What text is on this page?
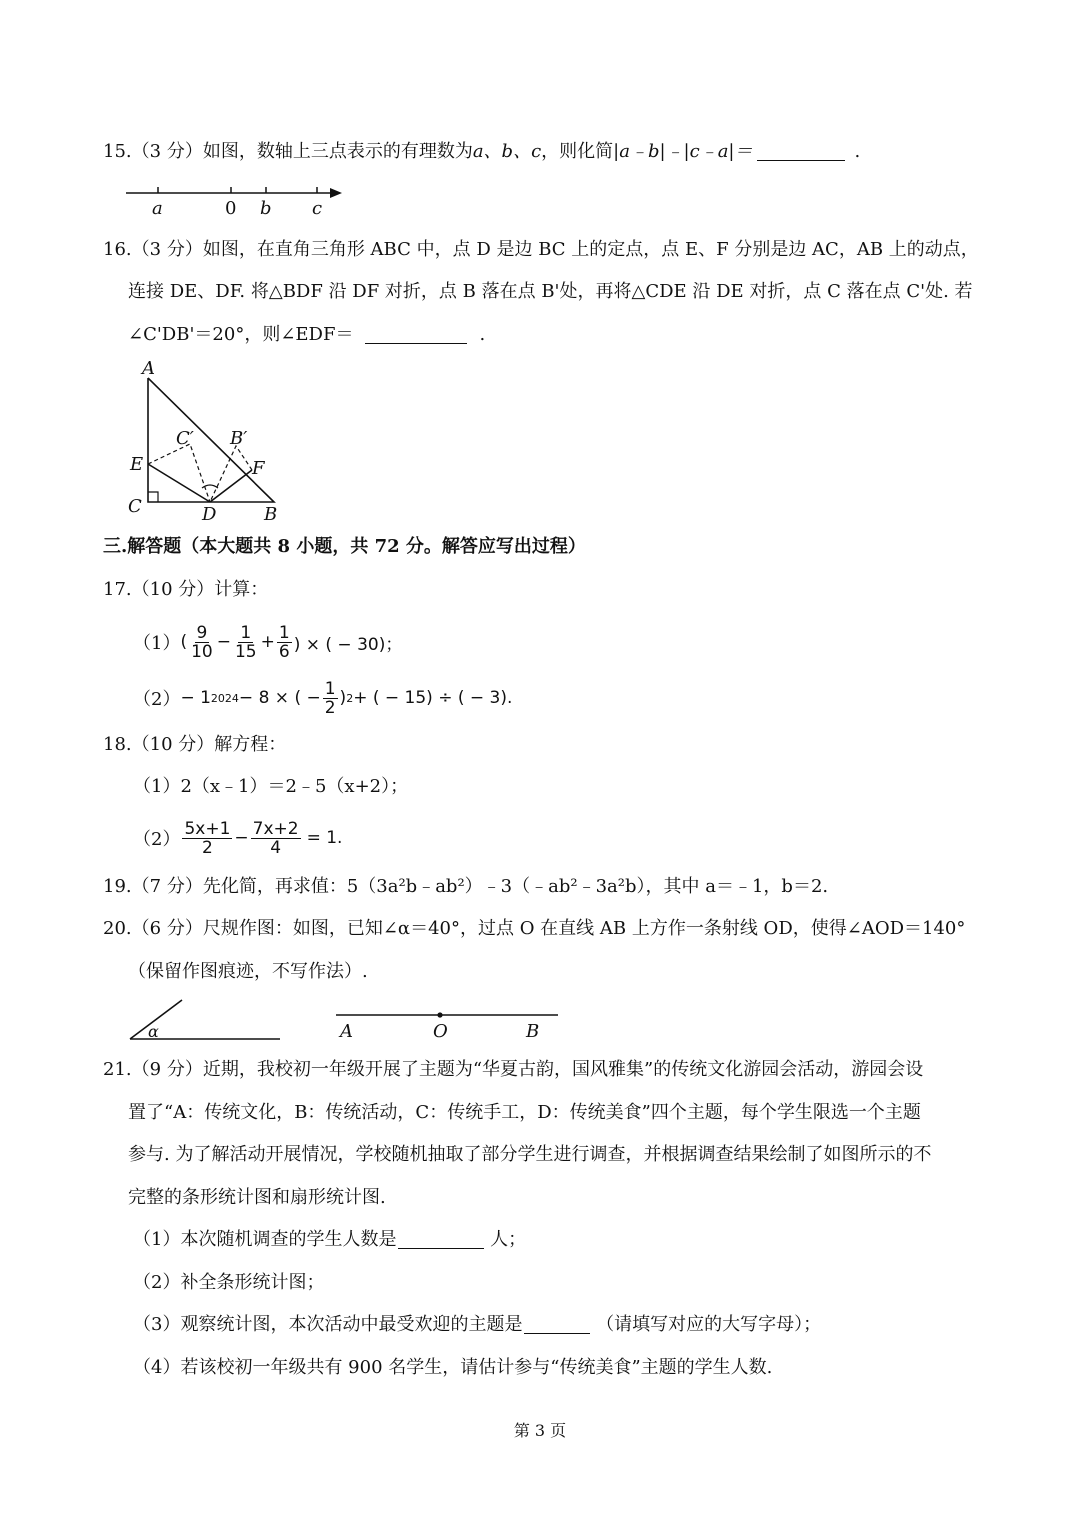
15.（3 分）如图，数轴上三点表示的有理数为a、b、c，则化简|a﹣b|﹣|c﹣a|＝	.
a	0 b c
16.（3 分）如图，在直角三角形 ABC 中，点 D 是边 BC 上的定点，点 E、F 分别是边 AC，AB 上的动点，
连接 DE、DF. 将△BDF 沿 DF 对折，点 B 落在点 B'处，再将△CDE 沿 DE 对折，点 C 落在点 C'处. 若
∠C'DB'＝20°，则∠EDF＝	.
A
C′ B′
E	F
C	D	B
三.解答题（本大题共 8 小题，共 72 分。解答应写出过程）
17.（10 分）计算：
（1） ( $\frac{9}{10} - \frac{1}{15} + \frac{1}{6}$ ) × ( − 30)；
（2） − 1 2024 − 8 × ( − $\frac{1}{2}$ ) 2 + ( − 15) ÷ ( − 3).
18.（10 分）解方程：
（1）2（x﹣1）＝2﹣5（x+2）；
$(2) \frac{5x+1}{2} - \frac{7x+2}{4} = 1$.
19.（7 分）先化简，再求值：5（3a²b﹣ab²）﹣3（﹣ab²﹣3a²b），其中 a＝﹣1，b＝2.
20.（6 分）尺规作图：如图，已知∠α＝40°，过点 O 在直线 AB 上方作一条射线 OD，使得∠AOD＝140°
（保留作图痕迹，不写作法）.
α	A	O	B
21.（9 分）近期，我校初一年级开展了主题为“华夏古韵，国风雅集”的传统文化游园会活动，游园会设
置了“A：传统文化，B：传统活动，C：传统手工，D：传统美食”四个主题，每个学生限选一个主题
参与. 为了解活动开展情况，学校随机抽取了部分学生进行调查，并根据调查结果绘制了如图所示的不
完整的条形统计图和扇形统计图.
（1）本次随机调查的学生人数是	人；
（2）补全条形统计图；
（3）观察统计图，本次活动中最受欢迎的主题是	（请填写对应的大写字母）；
（4）若该校初一年级共有 900 名学生，请估计参与“传统美食”主题的学生人数.
第 3 页
